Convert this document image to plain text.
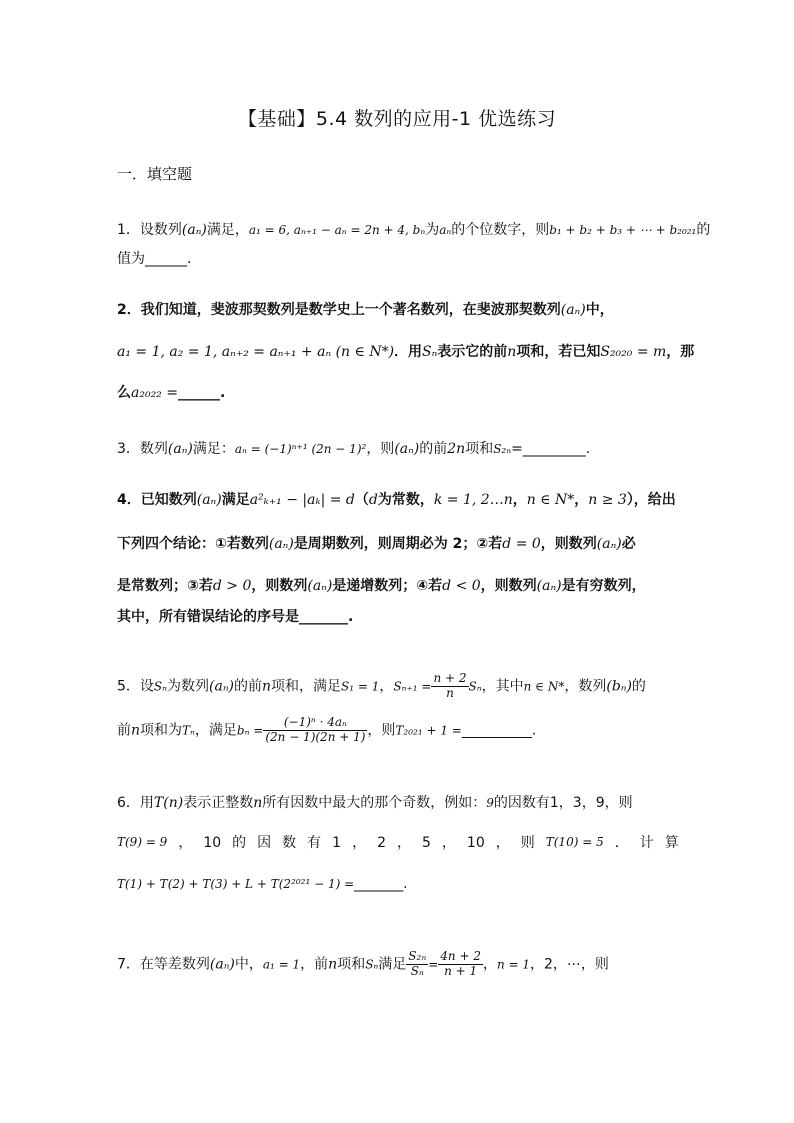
【基础】5.4 数列的应用-1 优选练习
一．填空题
1．设数列(aₙ)满足，a₁ = 6, aₙ₊₁ − aₙ = 2n + 4, bₙ为aₙ的个位数字，则b₁ + b₂ + b₃ + ⋯ + b₂₀₂₁的
值为______.
2．我们知道，斐波那契数列是数学史上一个著名数列，在斐波那契数列(aₙ)中，
a₁ = 1, a₂ = 1, aₙ₊₂ = aₙ₊₁ + aₙ (n ∈ N*)．用Sₙ表示它的前n项和，若已知S₂₀₂₀ = m，那
么a₂₀₂₂ =______.
3．数列(aₙ)满足：aₙ = (−1)ⁿ⁺¹ (2n − 1)²，则(aₙ)的前2n项和S₂ₙ=_________.
4．已知数列(aₙ)满足a²ₖ₊₁ − |aₖ| = d（d为常数，k = 1, 2…n，n ∈ N*，n ≥ 3），给出
下列四个结论：①若数列(aₙ)是周期数列，则周期必为 2；②若d = 0，则数列(aₙ)必
是常数列；③若d > 0，则数列(aₙ)是递增数列；④若d < 0，则数列(aₙ)是有穷数列，
其中，所有错误结论的序号是_______.
5．设Sₙ为数列(aₙ)的前n项和，满足S₁ = 1，$S_{n+1} = \frac{n + 2}{n}$ Sₙ，其中n ∈ N*，数列(bₙ)的
前n项和为Tₙ，满足$b_n = \frac{\text{(−1)ⁿ · 4aₙ}}{(2n - 1)(2n + 1)}$ ，则T₂₀₂₁ + 1 =__________.
6．用T(n)表示正整数n所有因数中最大的那个奇数，例如：9的因数有1，3，9，则
T(9) = 9 ， 10 的 因 数 有 1 ， 2 ， 5 ， 10 ， 则 T(10) = 5 ． 计 算
T(1) + T(2) + T(3) + L + T(2²⁰²¹ − 1) =_______.
7．在等差数列(aₙ)中，a₁ = 1，前n项和Sₙ满足 $\frac{\text{S₂ₙ}}{\text{Sₙ}} = \frac{4n + 2}{n + 1}$ ，n = 1，2，⋯，则
